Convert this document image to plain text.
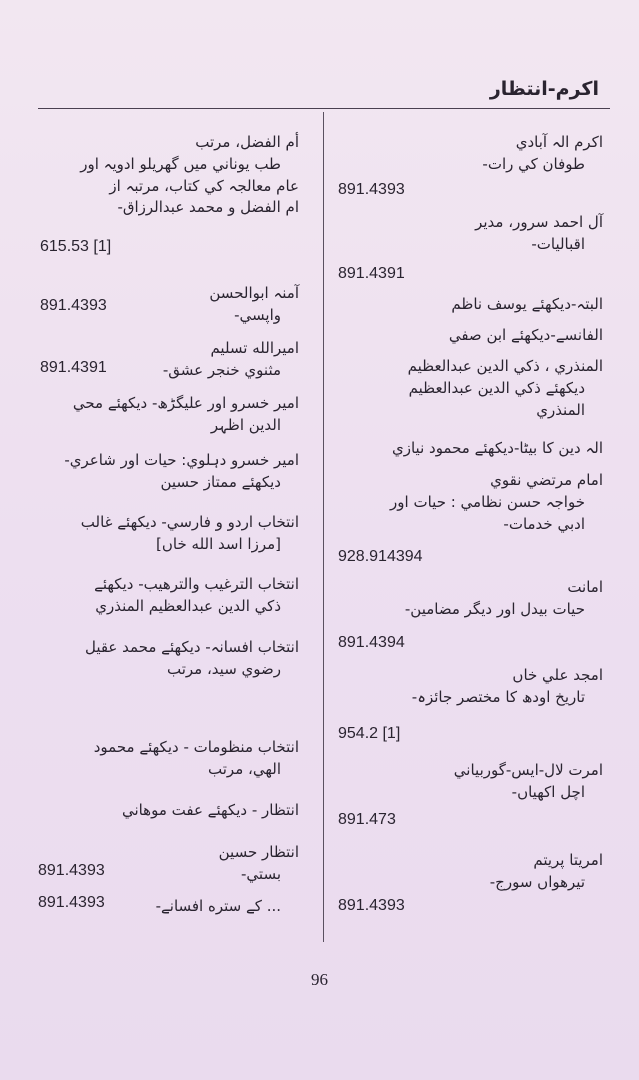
اکرم-انتظار
اکرم الہ آبادي
طوفان کي رات-
891.4393
آل احمد سرور، مدير
اقباليات-
891.4391
البتہ-ديکھئے يوسف ناظم
الفانسے-ديکھئے ابن صفي
المنذري ، ذکي الدين عبدالعظيم
ديکھئے ذکي الدين عبدالعظيم
المنذري
الہ دين کا بيٹا-ديکھئے محمود نيازي
امام مرتضي نقوي
خواجہ حسن نظامي : حيات اور
ادبي خدمات-
928.914394
امانت
حيات بيدل اور ديگر مضامين-
891.4394
امجد علي خاں
تاريخ اودھ کا مختصر جائزہ-
954.2 [1]
امرت لال-ايس-گوربياني
اچل اکھياں-
891.473
امريتا پريتم
تيرھواں سورج-
891.4393
أم الفضل، مرتب
طب يوناني ميں گھريلو ادويہ اور
عام معالجہ کي کتاب، مرتبہ از
ام الفضل و محمد عبدالرزاق-
615.53 [1]
آمنہ ابوالحسن
واپسي-
891.4393
اميرالله تسليم
مثنوي خنجر عشق-
891.4391
امير خسرو اور عليگڑھ- ديکھئے محي
الدين اظہر
امير خسرو دہلوي: حيات اور شاعري-
ديکھئے ممتاز حسين
انتخاب اردو و فارسي- ديکھئے غالب
[مرزا اسد الله خاں]
انتخاب الترغيب والترهيب- ديکھئے
ذکي الدين عبدالعظيم المنذري
انتخاب افسانہ- ديکھئے محمد عقيل
رضوي سيد، مرتب
انتخاب منظومات - ديکھئے محمود
الهي، مرتب
انتظار - ديکھئے عفت موهاني
انتظار حسين
بستي-
891.4393
... کے ستره افسانے-
891.4393
96
